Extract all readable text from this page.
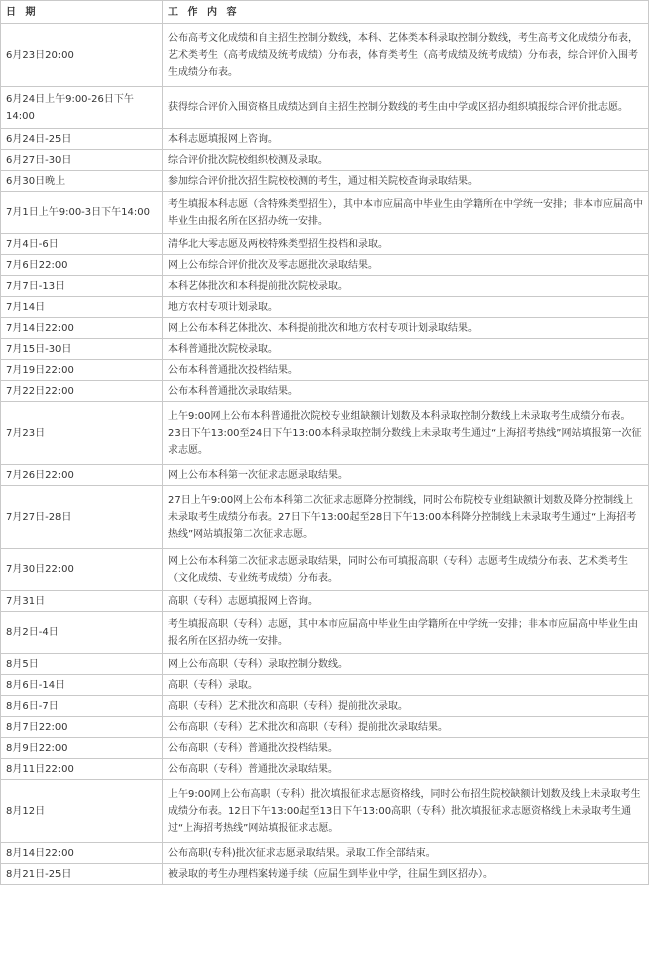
日 期	工 作 内 容
6月23日20:00	公布高考文化成绩和自主招生控制分数线，本科、艺体类本科录取控制分数线，考生高考文化成绩分布表，艺术类考生（高考成绩及统考成绩）分布表，体育类考生（高考成绩及统考成绩）分布表，综合评价入围考生成绩分布表。
6月24日上午9:00-26日下午14:00	获得综合评价入围资格且成绩达到自主招生控制分数线的考生由中学或区招办组织填报综合评价批志愿。
6月24日-25日	本科志愿填报网上咨询。
6月27日-30日	综合评价批次院校组织校测及录取。
6月30日晚上	参加综合评价批次招生院校校测的考生，通过相关院校查询录取结果。
7月1日上午9:00-3日下午14:00	考生填报本科志愿（含特殊类型招生），其中本市应届高中毕业生由学籍所在中学统一安排；非本市应届高中毕业生由报名所在区招办统一安排。
7月4日-6日	清华北大零志愿及两校特殊类型招生投档和录取。
7月6日22:00	网上公布综合评价批次及零志愿批次录取结果。
7月7日-13日	本科艺体批次和本科提前批次院校录取。
7月14日	地方农村专项计划录取。
7月14日22:00	网上公布本科艺体批次、本科提前批次和地方农村专项计划录取结果。
7月15日-30日	本科普通批次院校录取。
7月19日22:00	公布本科普通批次投档结果。
7月22日22:00	公布本科普通批次录取结果。
7月23日	上午9:00网上公布本科普通批次院校专业组缺额计划数及本科录取控制分数线上未录取考生成绩分布表。23日下午13:00至24日下午13:00本科录取控制分数线上未录取考生通过“上海招考热线”网站填报第一次征求志愿。
7月26日22:00	网上公布本科第一次征求志愿录取结果。
7月27日-28日	27日上午9:00网上公布本科第二次征求志愿降分控制线，同时公布院校专业组缺额计划数及降分控制线上未录取考生成绩分布表。27日下午13:00起至28日下午13:00本科降分控制线上未录取考生通过“上海招考热线”网站填报第二次征求志愿。
7月30日22:00	网上公布本科第二次征求志愿录取结果，同时公布可填报高职（专科）志愿考生成绩分布表、艺术类考生（文化成绩、专业统考成绩）分布表。
7月31日	高职（专科）志愿填报网上咨询。
8月2日-4日	考生填报高职（专科）志愿，其中本市应届高中毕业生由学籍所在中学统一安排；非本市应届高中毕业生由报名所在区招办统一安排。
8月5日	网上公布高职（专科）录取控制分数线。
8月6日-14日	高职（专科）录取。
8月6日-7日	高职（专科）艺术批次和高职（专科）提前批次录取。
8月7日22:00	公布高职（专科）艺术批次和高职（专科）提前批次录取结果。
8月9日22:00	公布高职（专科）普通批次投档结果。
8月11日22:00	公布高职（专科）普通批次录取结果。
8月12日	上午9:00网上公布高职（专科）批次填报征求志愿资格线，同时公布招生院校缺额计划数及线上未录取考生成绩分布表。12日下午13:00起至13日下午13:00高职（专科）批次填报征求志愿资格线上未录取考生通过“上海招考热线”网站填报征求志愿。
8月14日22:00	公布高职(专科)批次征求志愿录取结果。录取工作全部结束。
8月21日-25日	被录取的考生办理档案转递手续（应届生到毕业中学，往届生到区招办）。
